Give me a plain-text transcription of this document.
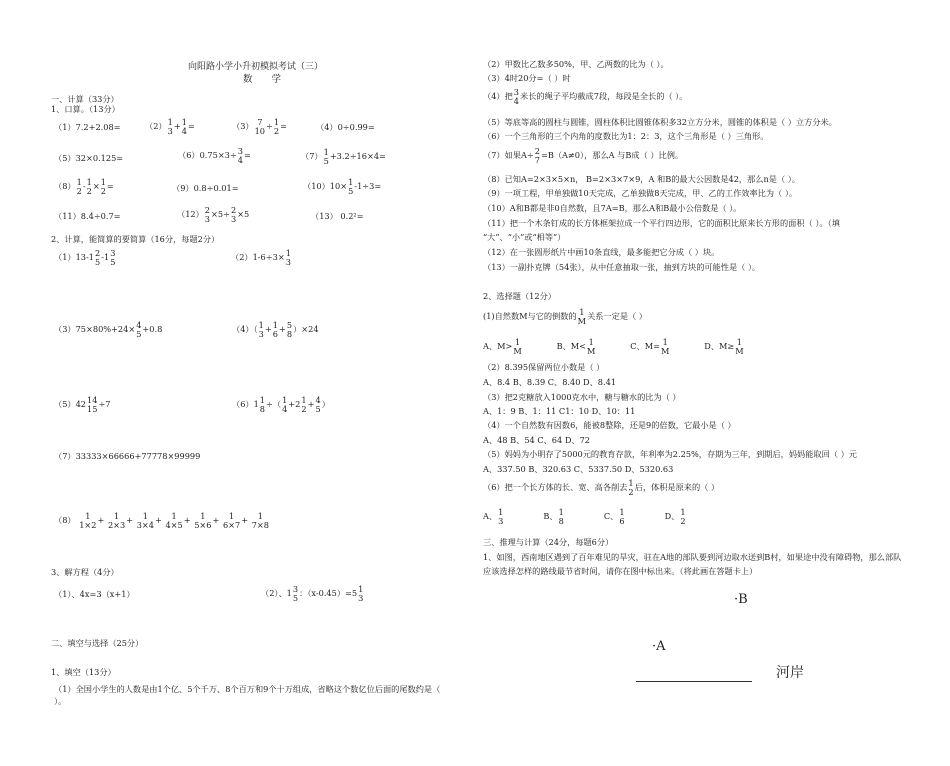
向阳路小学小升初模拟考试（三）
数 学
一、计算（33分）
1、口算。（13分）
（1）7.2+2.08=	（2） 1
3 + 1
4 =	（3） 7
10 ÷ 1
2 =	（4）0÷0.99=
（5）32×0.125=	（6）0.75×3÷ 3
4 =	（7） 1
5 +3.2÷16×4=
（8） 1
2 - 1
2 × 1
2 =	（9）0.8÷0.01=	（10）10× 1
5 -1÷3=
（11）8.4÷0.7=	（12） 2
3 ×5÷ 2
3 ×5	（13） 0.2²=
2、计算，能简算的要简算（16分，每题2分）
（1）13-1 2
5 -1 3
5	（2）1-6÷3× 1
3
（3）75×80%+24× 4
5 +0.8	（4）（ 1
3 + 1
6 + 5
8 ）×24
（5）42 14
15 ÷7	（6）1 1
8 ÷（ 1
4 +2 1
2 + 4
5 ）
（7）33333×66666+77778×99999
（8）	1
1×2 + 1
2×3 + 1
3×4 + 1
4×5 + 1
5×6 + 1
6×7 + 1
7×8
3、解方程（4分）
（1）、4x=3（x+1）	（2）、1 3
5 ：（x-0.45）=5 1
3
二、填空与选择（25分）
1、填空（13分）
（1）全国小学生的人数是由1个亿、5个千万、8个百万和9个十万组成，省略这个数亿位后面的尾数约是（
）。
（2）甲数比乙数多50%，甲、乙两数的比为（ ）。
（3）4时20分=（ ）时
（4）把 3
4 米长的绳子平均截成7段，每段是全长的（ ）。
（5）等底等高的圆柱与圆锥，圆柱体积比圆锥体积多32立方分米，圆锥的体积是（ ）立方分米。
（6）一个三角形的三个内角的度数比为1：2：3，这个三角形是（ ）三角形。
（7）如果A÷ 2
7 =B（A≠0），那么A 与B成（ ）比例。
（8）已知A=2×3×5×n， B=2×3×7×9，A 和B的最大公因数是42，那么n是（ ）。
（9）一项工程，甲单独做10天完成，乙单独做8天完成，甲、乙的工作效率比为（ ）。
（10）A和B都是非0自然数，且7A=B，那么A和B最小公倍数是（ ）。
（11）把一个木条钉成的长方体框架拉成一个平行四边形，它的面积比原来长方形的面积（ ）。（填
“大”、“小”或“相等”）
（12）在一张圆形纸片中画10条直线，最多能把它分成（ ）块。
（13）一副扑克牌（54张），从中任意抽取一张，抽到方块的可能性是（ ）。
2、选择题（12分）
(1)自然数M与它的倒数的 1
M 关系一定是（ ）
A、M> 1
M	B、M< 1
M	C、M= 1
M	D、M≥ 1
M
（2）8.395保留两位小数是（ ）
A、8.4 B、8.39 C、8.40 D、8.41
（3）把2克糖放入1000克水中，糖与糖水的比为（ ）
A、1：9 B、1：11 C1：10 D、10：11
（4）一个自然数有因数6，能被8整除，还是9的倍数，它最小是（ ）
A、48 B、54 C、64 D、72
（5）妈妈为小明存了5000元的教育存款，年利率为2.25%，存期为三年，到期后，妈妈能取回（ ）元
A、337.50 B、320.63 C、5337.50 D、5320.63
（6）把一个长方体的长、宽、高各削去 1
2 后，体积是原来的（ ）
A、 1
3	B、 1
8	C、 1
6	D、 1
2
三、推理与计算（24分，每题6分）
1、如图，西南地区遇到了百年难见的旱灾，驻在A地的部队要到河边取水送到B村，如果途中没有障碍物，那么部队
应该选择怎样的路线最节省时间，请你在图中标出来。（将此画在答题卡上）
·B
·A
河岸
